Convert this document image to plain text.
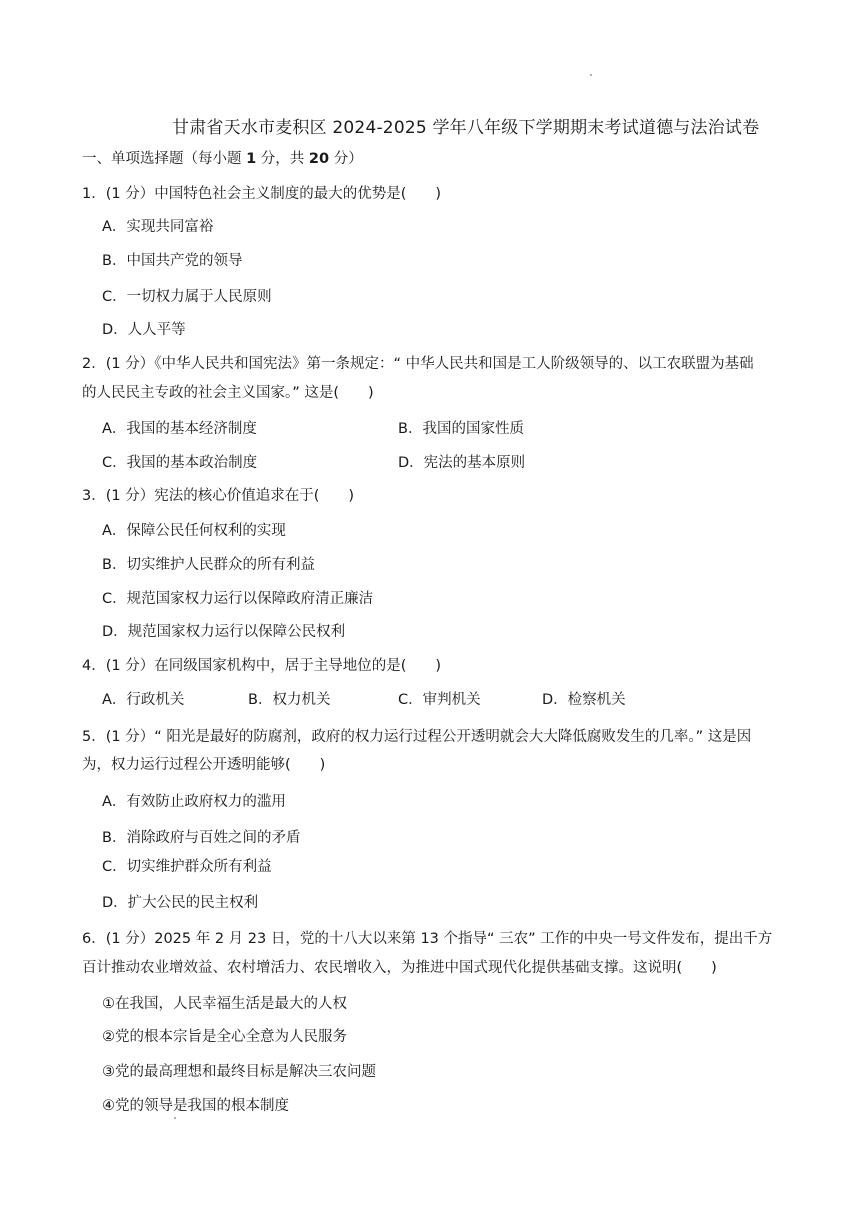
甘肃省天水市麦积区 2024-2025 学年八年级下学期期末考试道德与法治试卷
一、单项选择题（每小题 1 分，共 20 分）
1．(1 分）中国特色社会主义制度的最大的优势是(　　)
A．实现共同富裕
B．中国共产党的领导
C．一切权力属于人民原则
D．人人平等
2．(1 分）《中华人民共和国宪法》第一条规定：“ 中华人民共和国是工人阶级领导的、以工农联盟为基础
的人民民主专政的社会主义国家。” 这是(　　)
A．我国的基本经济制度	B．我国的国家性质
C．我国的基本政治制度	D．宪法的基本原则
3．(1 分）宪法的核心价值追求在于(　　)
A．保障公民任何权利的实现
B．切实维护人民群众的所有利益
C．规范国家权力运行以保障政府清正廉洁
D．规范国家权力运行以保障公民权利
4．(1 分）在同级国家机构中，居于主导地位的是(　　)
A．行政机关	B．权力机关	C．审判机关	D．检察机关
5．(1 分）“ 阳光是最好的防腐剂，政府的权力运行过程公开透明就会大大降低腐败发生的几率。” 这是因
为，权力运行过程公开透明能够(　　)
A．有效防止政府权力的滥用
B．消除政府与百姓之间的矛盾
C．切实维护群众所有利益
D．扩大公民的民主权利
6．(1 分）2025 年 2 月 23 日，党的十八大以来第 13 个指导“ 三农” 工作的中央一号文件发布，提出千方
百计推动农业增效益、农村增活力、农民增收入，为推进中国式现代化提供基础支撑。这说明(　　)
①在我国，人民幸福生活是最大的人权
②党的根本宗旨是全心全意为人民服务
③党的最高理想和最终目标是解决三农问题
④党的领导是我国的根本制度
